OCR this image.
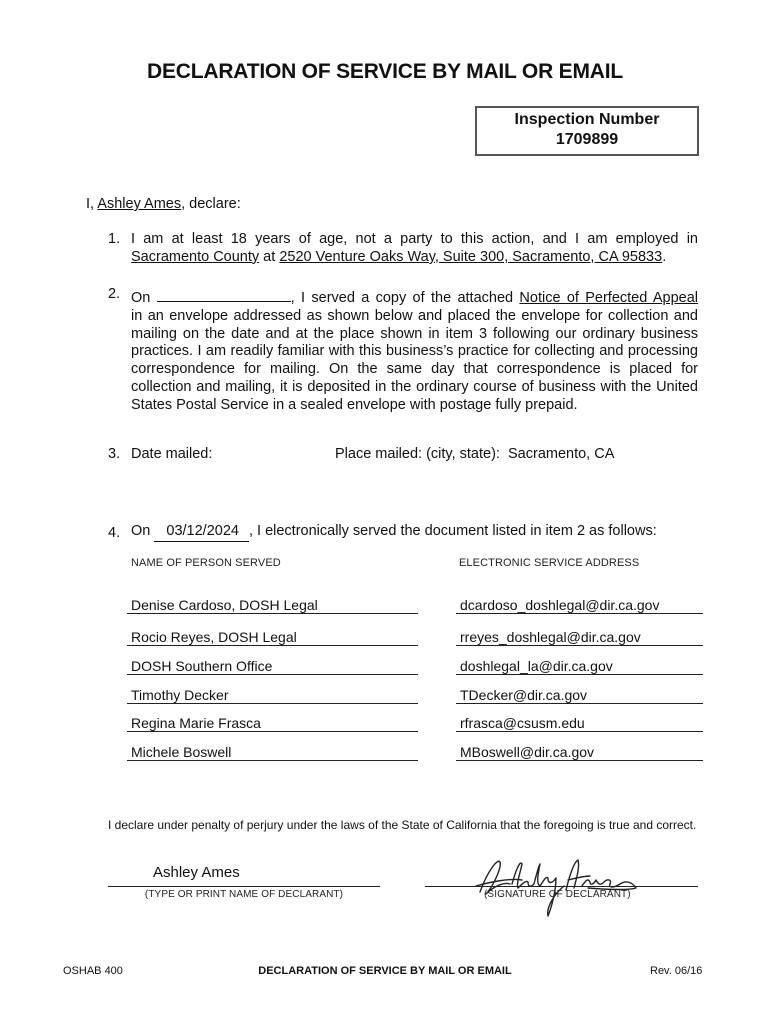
DECLARATION OF SERVICE BY MAIL OR EMAIL
Inspection Number
1709899
I, Ashley Ames, declare:
1. I am at least 18 years of age, not a party to this action, and I am employed in
Sacramento County at 2520 Venture Oaks Way, Suite 300, Sacramento, CA 95833.
2. On	, I served a copy of the attached Notice of Perfected Appeal
in an envelope addressed as shown below and placed the envelope for collection and mailing on the date and at the place shown in item 3 following our ordinary business practices. I am readily familiar with this business’s practice for collecting and processing correspondence for mailing. On the same day that correspondence is placed for collection and mailing, it is deposited in the ordinary course of business with the United States Postal Service in a sealed envelope with postage fully prepaid.
3. Date mailed:	Place mailed: (city, state): Sacramento, CA
4. On 03/12/2024 , I electronically served the document listed in item 2 as follows:
NAME OF PERSON SERVED	ELECTRONIC SERVICE ADDRESS
Denise Cardoso, DOSH Legal	dcardoso_doshlegal@dir.ca.gov
Rocio Reyes, DOSH Legal	rreyes_doshlegal@dir.ca.gov
DOSH Southern Office	doshlegal_la@dir.ca.gov
Timothy Decker	TDecker@dir.ca.gov
Regina Marie Frasca	rfrasca@csusm.edu
Michele Boswell	MBoswell@dir.ca.gov
I declare under penalty of perjury under the laws of the State of California that the foregoing is true and correct.
Ashley Ames
(TYPE OR PRINT NAME OF DECLARANT)	(SIGNATURE OF DECLARANT)
OSHAB 400	DECLARATION OF SERVICE BY MAIL OR EMAIL	Rev. 06/16
